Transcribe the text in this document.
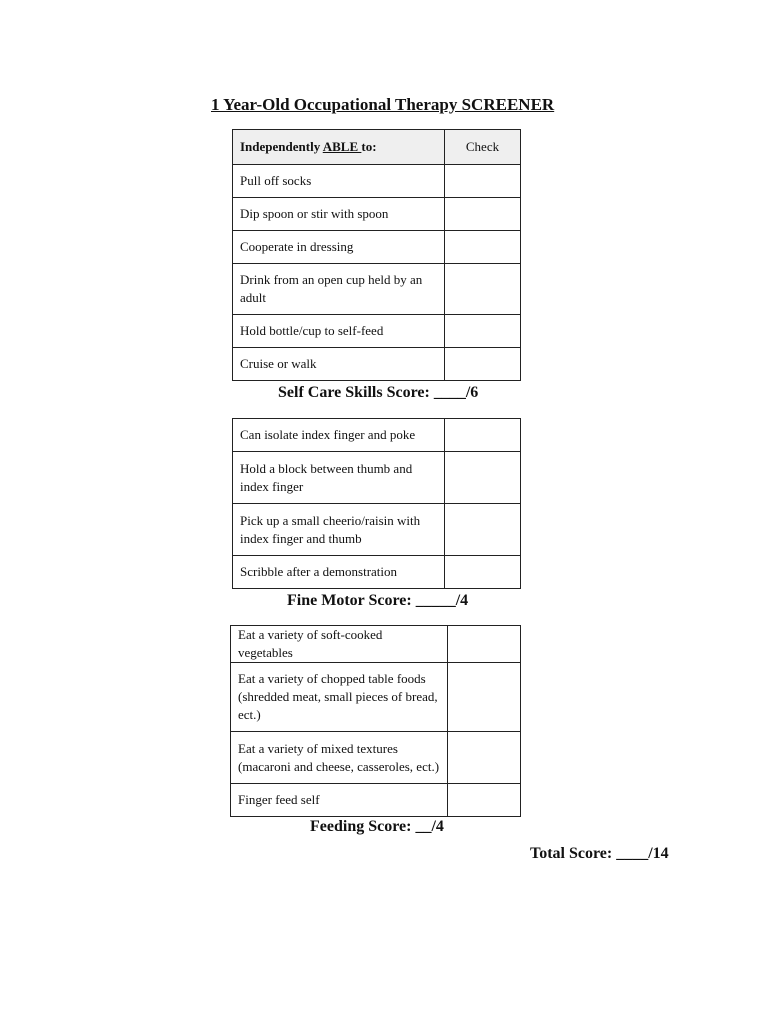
1 Year-Old Occupational Therapy SCREENER
Independently ABLE to:	Check
Pull off socks	
Dip spoon or stir with spoon	
Cooperate in dressing	
Drink from an open cup held by an adult	
Hold bottle/cup to self-feed	
Cruise or walk	
Self Care Skills Score: ____/6
Can isolate index finger and poke	
Hold a block between thumb and index finger	
Pick up a small cheerio/raisin with index finger and thumb	
Scribble after a demonstration	
Fine Motor Score: _____/4
Eat a variety of soft-cooked vegetables	
Eat a variety of chopped table foods (shredded meat, small pieces of bread, ect.)	
Eat a variety of mixed textures (macaroni and cheese, casseroles, ect.)	
Finger feed self	
Feeding Score: __/4
Total Score: ____/14
